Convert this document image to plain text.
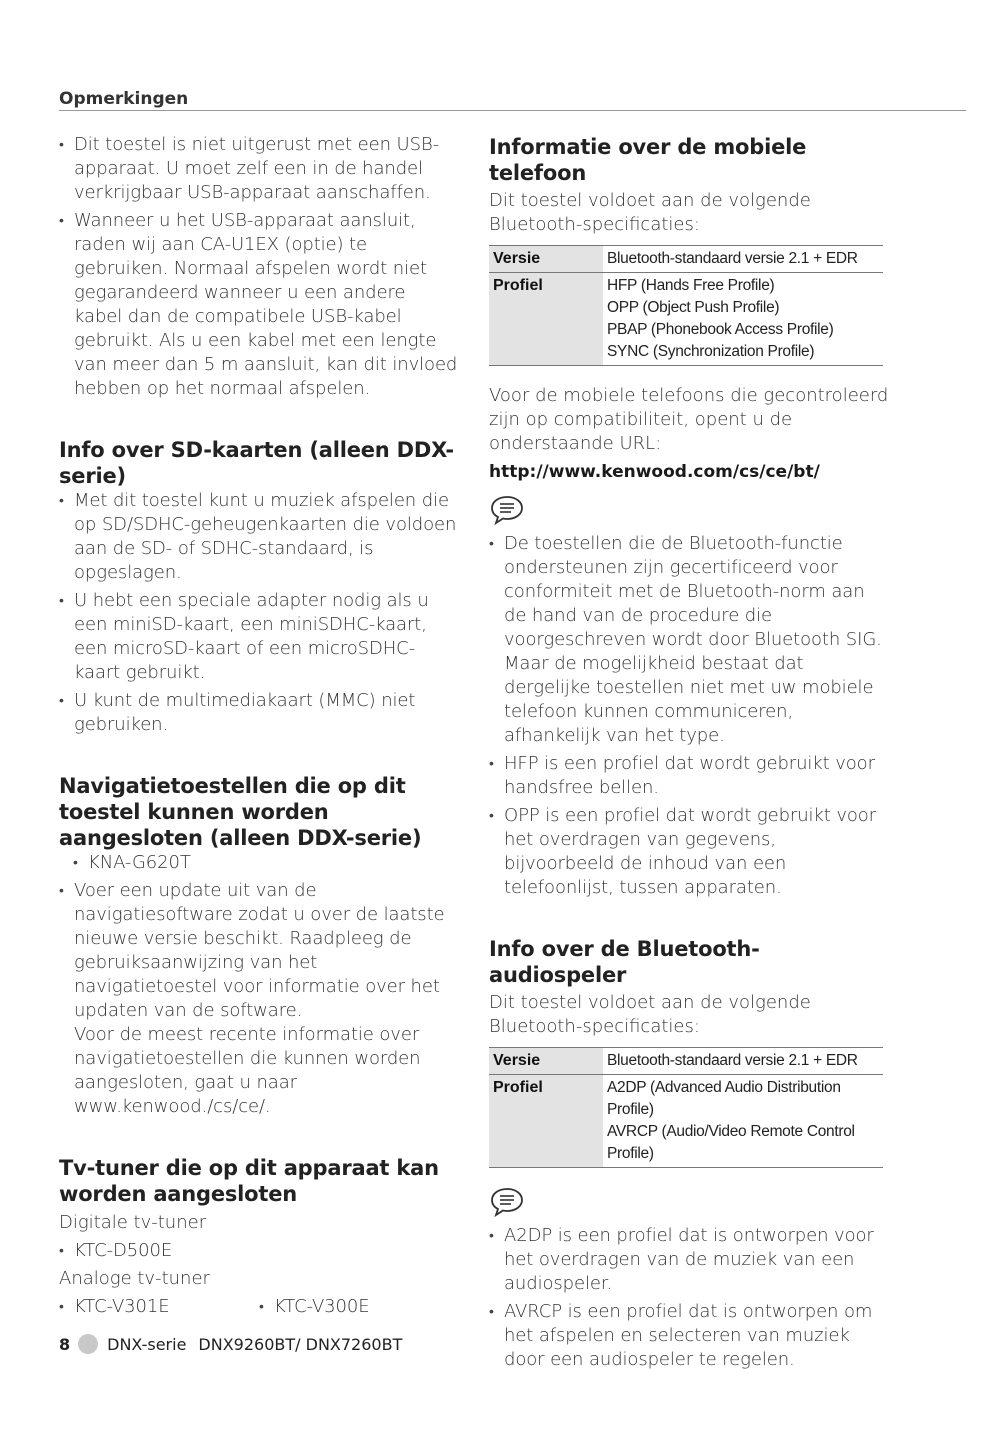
Opmerkingen
• Dit toestel is niet uitgerust met een USB-apparaat. U moet zelf een in de handel verkrijgbaar USB-apparaat aanschaffen.
• Wanneer u het USB-apparaat aansluit, raden wij aan CA-U1EX (optie) te gebruiken. Normaal afspelen wordt niet gegarandeerd wanneer u een andere kabel dan de compatibele USB-kabel gebruikt. Als u een kabel met een lengte van meer dan 5 m aansluit, kan dit invloed hebben op het normaal afspelen.
Info over SD-kaarten (alleen DDX-serie)
• Met dit toestel kunt u muziek afspelen die op SD/SDHC-geheugenkaarten die voldoen aan de SD- of SDHC-standaard, is opgeslagen.
• U hebt een speciale adapter nodig als u een miniSD-kaart, een miniSDHC-kaart, een microSD-kaart of een microSDHC-kaart gebruikt.
• U kunt de multimediakaart (MMC) niet gebruiken.
Navigatietoestellen die op dit toestel kunnen worden aangesloten (alleen DDX-serie)
• KNA-G620T
• Voer een update uit van de navigatiesoftware zodat u over de laatste nieuwe versie beschikt. Raadpleeg de gebruiksaanwijzing van het navigatietoestel voor informatie over het updaten van de software.
Voor de meest recente informatie over navigatietoestellen die kunnen worden aangesloten, gaat u naar www.kenwood./cs/ce/.
Tv-tuner die op dit apparaat kan worden aangesloten

Digitale tv-tuner

• KTC-D500E

Analoge tv-tuner

• KTC-V301E	• KTC-V300E
Informatie over de mobiele telefoon

Dit toestel voldoet aan de volgende Bluetooth-specificaties:

Versie	Bluetooth-standaard versie 2.1 + EDR
Profiel	HFP (Hands Free Profile)
OPP (Object Push Profile)
PBAP (Phonebook Access Profile)
SYNC (Synchronization Profile)

Voor de mobiele telefoons die gecontroleerd zijn op compatibiliteit, opent u de onderstaande URL:

http://www.kenwood.com/cs/ce/bt/

• De toestellen die de Bluetooth-functie ondersteunen zijn gecertificeerd voor conformiteit met de Bluetooth-norm aan de hand van de procedure die voorgeschreven wordt door Bluetooth SIG. Maar de mogelijkheid bestaat dat dergelijke toestellen niet met uw mobiele telefoon kunnen communiceren, afhankelijk van het type.
• HFP is een profiel dat wordt gebruikt voor handsfree bellen.
• OPP is een profiel dat wordt gebruikt voor het overdragen van gegevens, bijvoorbeeld de inhoud van een telefoonlijst, tussen apparaten.
Info over de Bluetooth-audiospeler

Dit toestel voldoet aan de volgende Bluetooth-specificaties:

Versie	Bluetooth-standaard versie 2.1 + EDR
Profiel	A2DP (Advanced Audio Distribution Profile)
AVRCP (Audio/Video Remote Control Profile)
• A2DP is een profiel dat is ontworpen voor het overdragen van de muziek van een audiospeler.
• AVRCP is een profiel dat is ontworpen om het afspelen en selecteren van muziek door een audiospeler te regelen.
8 DNX-serie DNX9260BT/ DNX7260BT
